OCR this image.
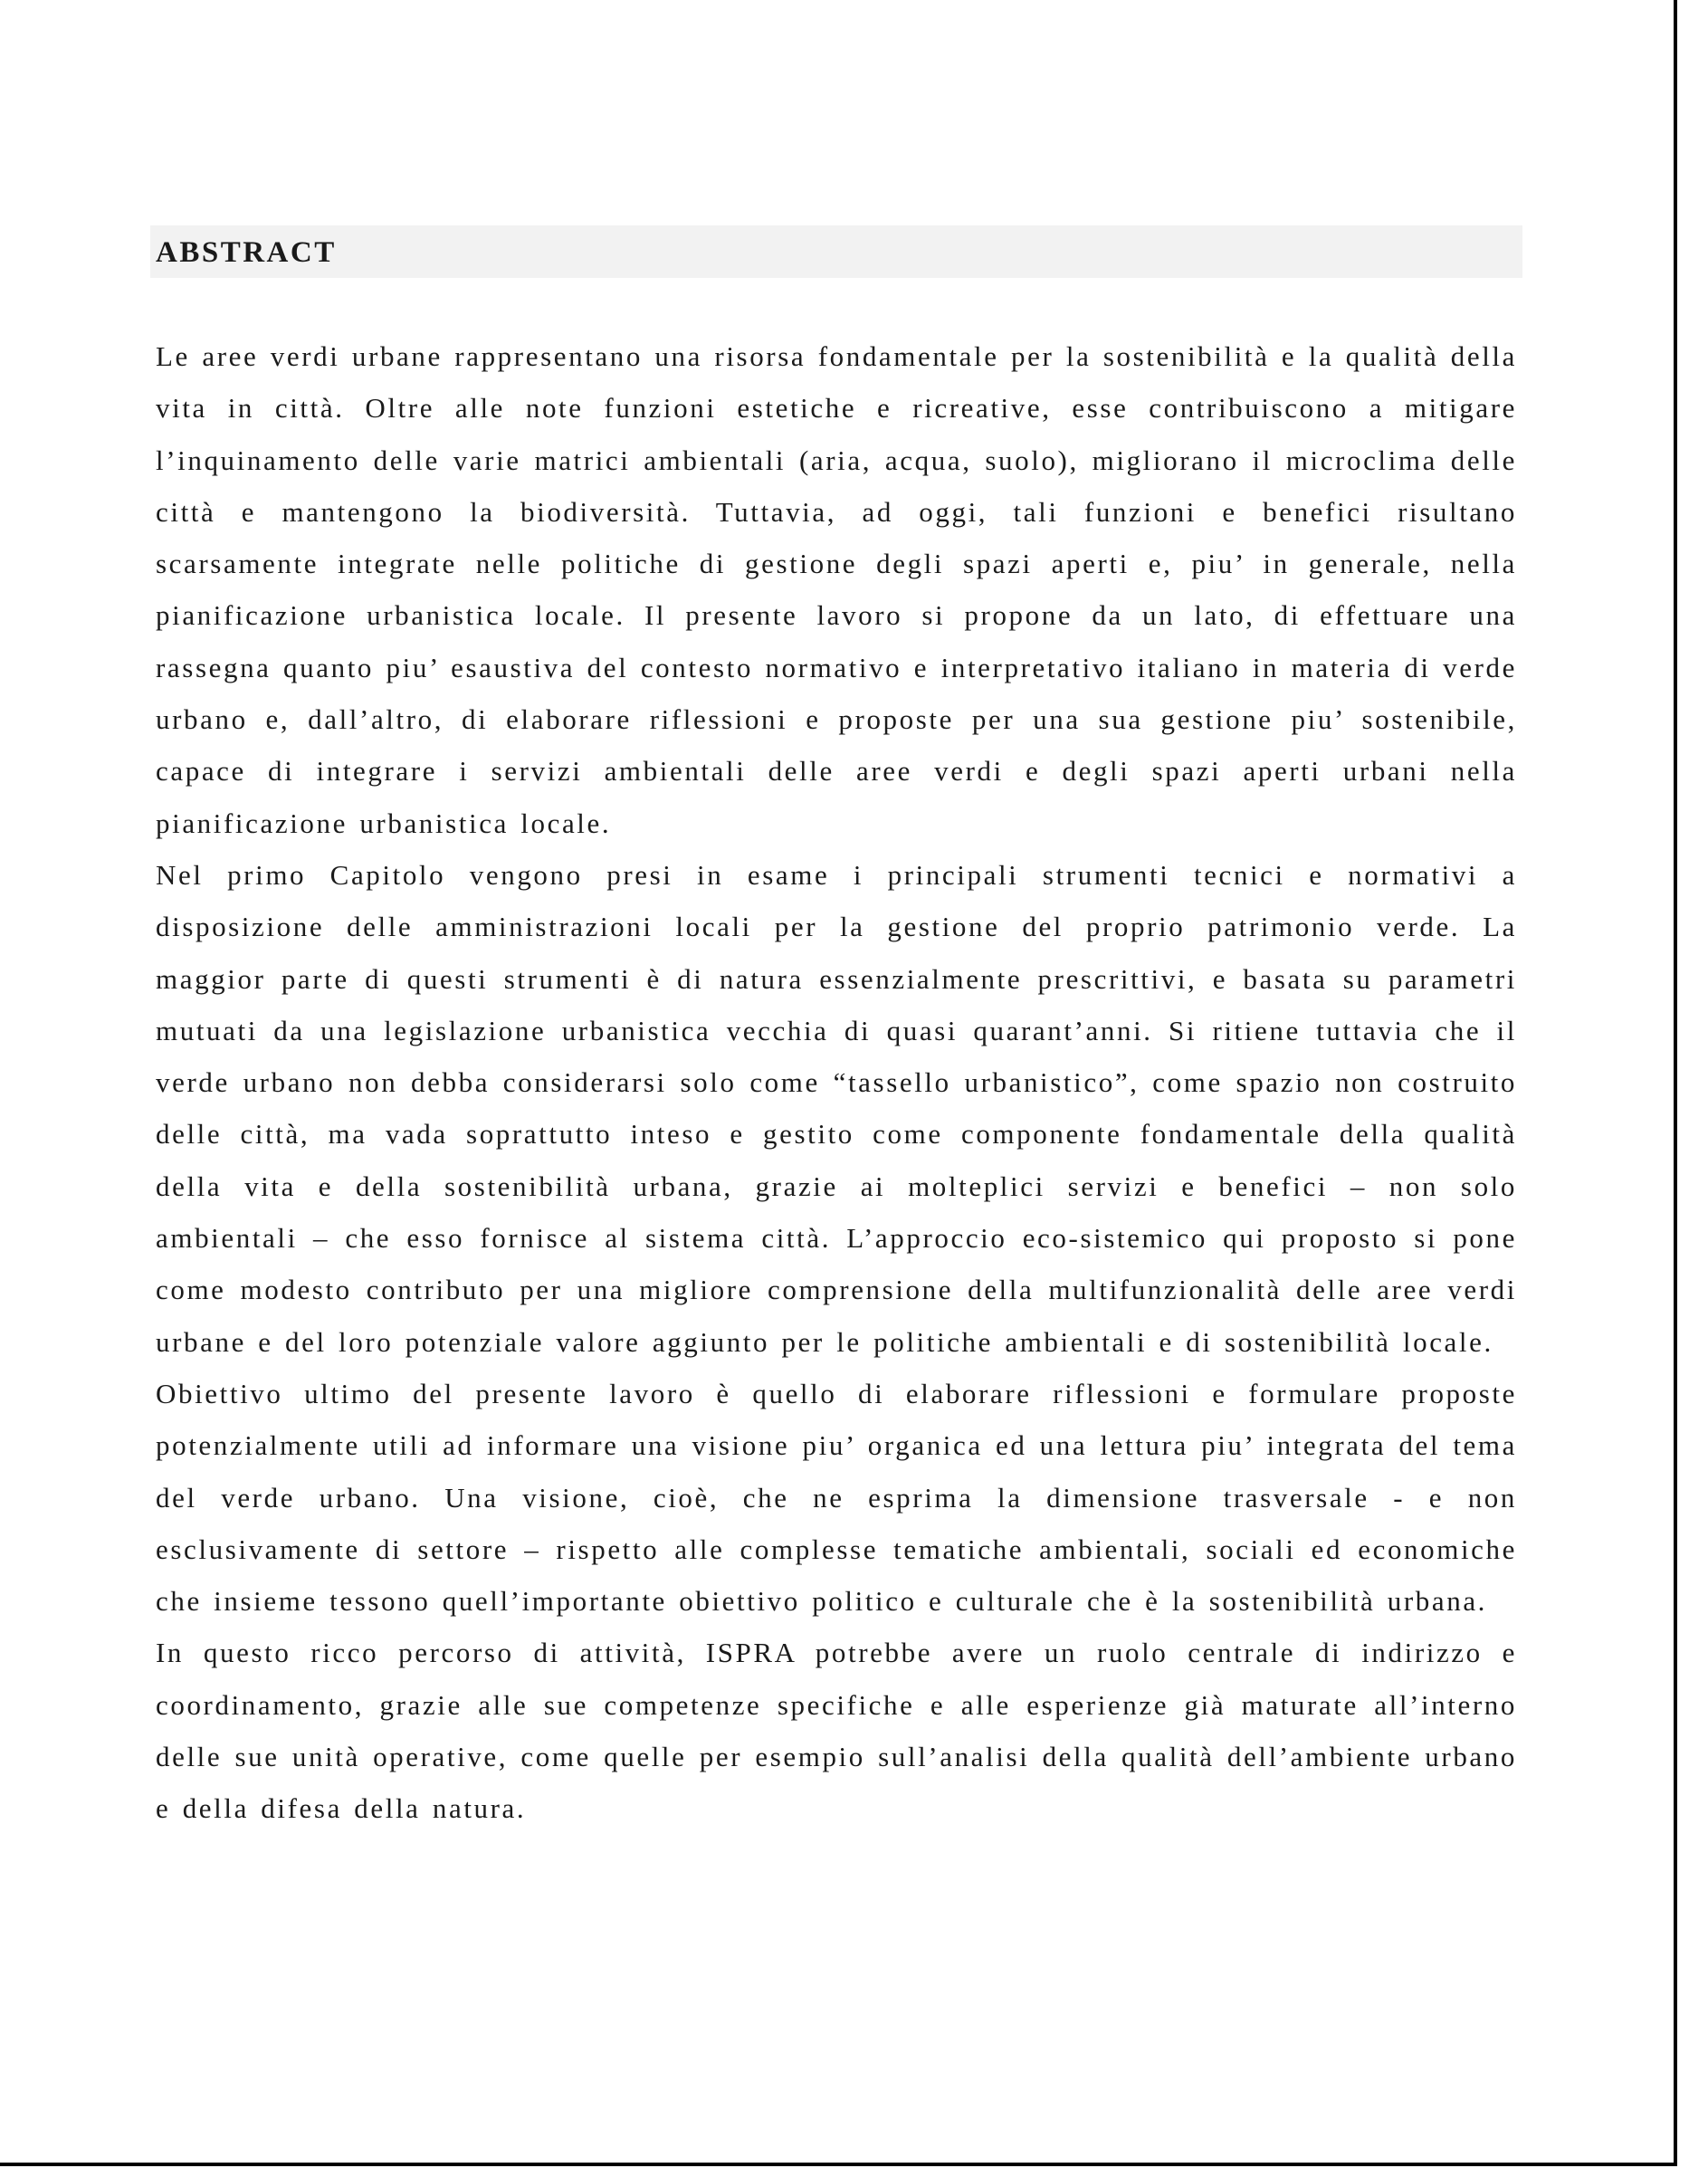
ABSTRACT

Le aree verdi urbane rappresentano una risorsa fondamentale per la sostenibilità e la qualità della vita in città. Oltre alle note funzioni estetiche e ricreative, esse contribuiscono a mitigare l’inquinamento delle varie matrici ambientali (aria, acqua, suolo), migliorano il microclima delle città e mantengono la biodiversità. Tuttavia, ad oggi, tali funzioni e benefici risultano scarsamente integrate nelle politiche di gestione degli spazi aperti e, piu’ in generale, nella pianificazione urbanistica locale. Il presente lavoro si propone da un lato, di effettuare una rassegna quanto piu’ esaustiva del contesto normativo e interpretativo italiano in materia di verde urbano e, dall’altro, di elaborare riflessioni e proposte per una sua gestione piu’ sostenibile, capace di integrare i servizi ambientali delle aree verdi e degli spazi aperti urbani nella pianificazione urbanistica locale.

Nel primo Capitolo vengono presi in esame i principali strumenti tecnici e normativi a disposizione delle amministrazioni locali per la gestione del proprio patrimonio verde. La maggior parte di questi strumenti è di natura essenzialmente prescrittivi, e basata su parametri mutuati da una legislazione urbanistica vecchia di quasi quarant’anni. Si ritiene tuttavia che il verde urbano non debba considerarsi solo come “tassello urbanistico”, come spazio non costruito delle città, ma vada soprattutto inteso e gestito come componente fondamentale della qualità della vita e della sostenibilità urbana, grazie ai molteplici servizi e benefici – non solo ambientali – che esso fornisce al sistema città. L’approccio eco-sistemico qui proposto si pone come modesto contributo per una migliore comprensione della multifunzionalità delle aree verdi urbane e del loro potenziale valore aggiunto per le politiche ambientali e di sostenibilità locale.

Obiettivo ultimo del presente lavoro è quello di elaborare riflessioni e formulare proposte potenzialmente utili ad informare una visione piu’ organica ed una lettura piu’ integrata del tema del verde urbano. Una visione, cioè, che ne esprima la dimensione trasversale - e non esclusivamente di settore – rispetto alle complesse tematiche ambientali, sociali ed economiche che insieme tessono quell’importante obiettivo politico e culturale che è la sostenibilità urbana.

In questo ricco percorso di attività, ISPRA potrebbe avere un ruolo centrale di indirizzo e coordinamento, grazie alle sue competenze specifiche e alle esperienze già maturate all’interno delle sue unità operative, come quelle per esempio sull’analisi della qualità dell’ambiente urbano e della difesa della natura.
